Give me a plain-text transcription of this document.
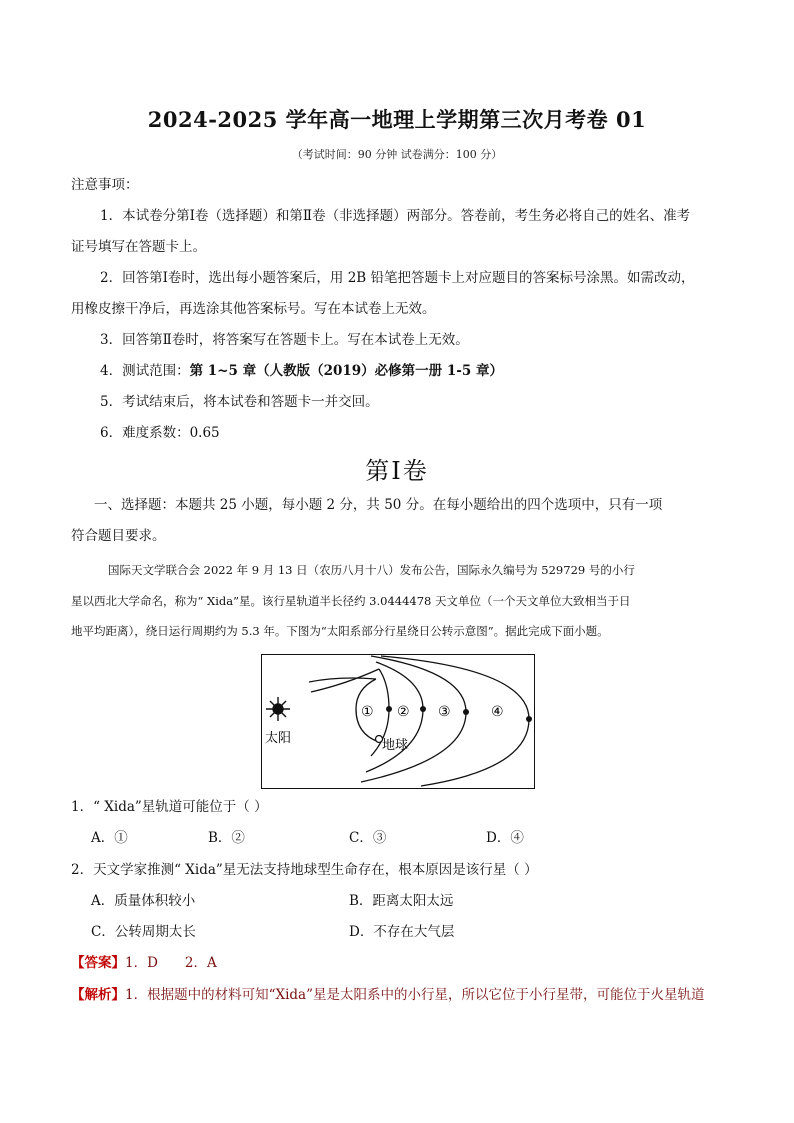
2024-2025 学年高一地理上学期第三次月考卷 01
（考试时间：90 分钟 试卷满分：100 分）
注意事项：
1．本试卷分第Ⅰ卷（选择题）和第Ⅱ卷（非选择题）两部分。答卷前，考生务必将自己的姓名、准考
证号填写在答题卡上。
2．回答第Ⅰ卷时，选出每小题答案后，用 2B 铅笔把答题卡上对应题目的答案标号涂黑。如需改动，
用橡皮擦干净后，再选涂其他答案标号。写在本试卷上无效。
3．回答第Ⅱ卷时，将答案写在答题卡上。写在本试卷上无效。
4．测试范围：第 1~5 章（人教版（2019）必修第一册 1-5 章）
5．考试结束后，将本试卷和答题卡一并交回。
6．难度系数：0.65
第Ⅰ卷
一、选择题：本题共 25 小题，每小题 2 分，共 50 分。在每小题给出的四个选项中，只有一项
符合题目要求。
国际天文学联合会 2022 年 9 月 13 日（农历八月十八）发布公告，国际永久编号为 529729 号的小行
星以西北大学命名，称为“ Xida”星。该行星轨道半长径约 3.0444478 天文单位（一个天文单位大致相当于日
地平均距离），绕日运行周期约为 5.3 年。下图为“太阳系部分行星绕日公转示意图”。据此完成下面小题。
太阳	地球
① ② ③	④
1．“ Xida”星轨道可能位于（ ）
A．①	B．②	C．③	D．④
2．天文学家推测“ Xida”星无法支持地球型生命存在，根本原因是该行星（ ）
A．质量体积较小	B．距离太阳太远
C．公转周期太长	D．不存在大气层
【答案】1．D　　2．A
【解析】1．根据题中的材料可知“Xida”星是太阳系中的小行星，所以它位于小行星带，可能位于火星轨道
